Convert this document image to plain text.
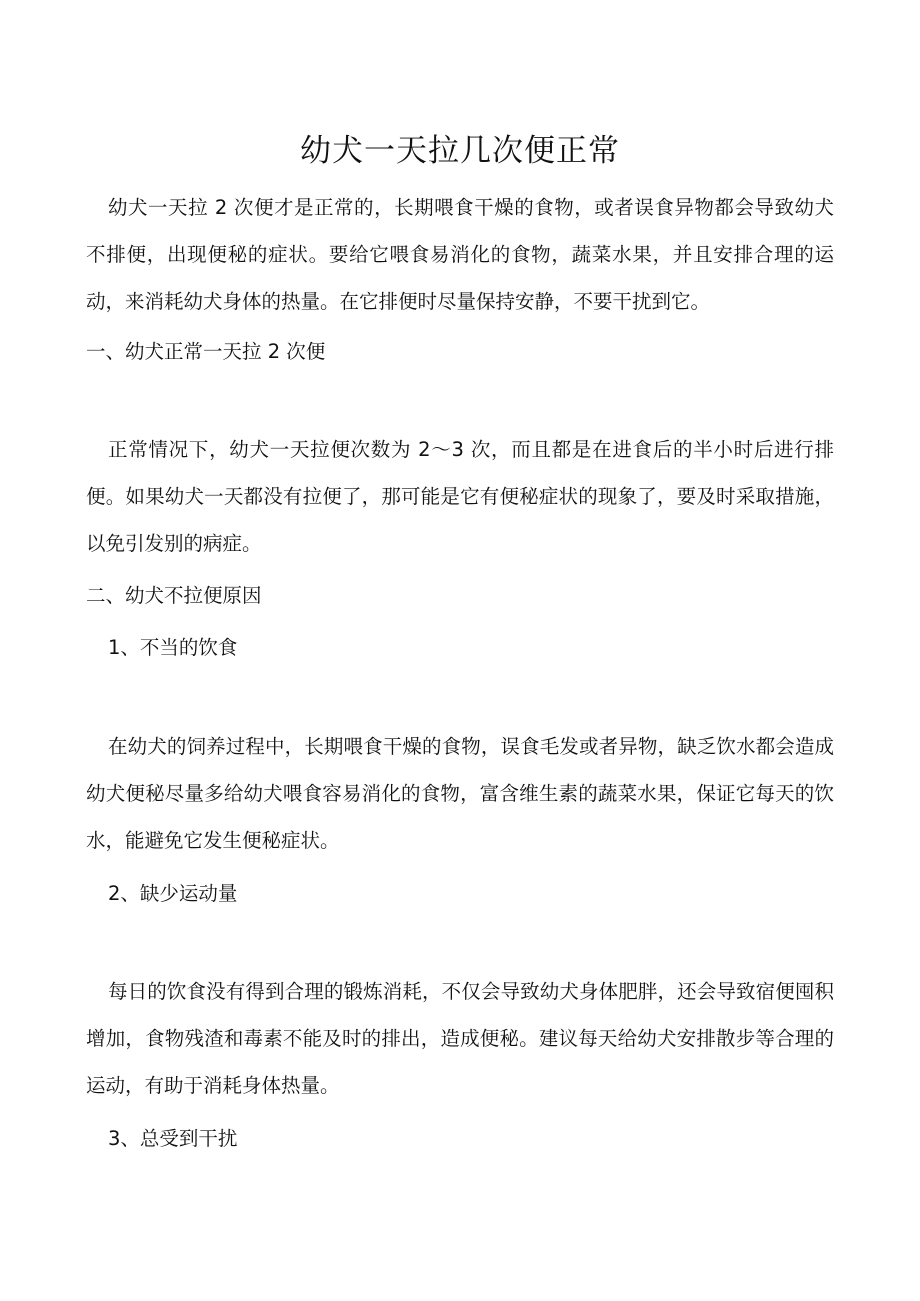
幼犬一天拉几次便正常

幼犬一天拉 2 次便才是正常的，长期喂食干燥的食物，或者误食异物都会导致幼犬不排便，出现便秘的症状。要给它喂食易消化的食物，蔬菜水果，并且安排合理的运动，来消耗幼犬身体的热量。在它排便时尽量保持安静，不要干扰到它。

一、幼犬正常一天拉 2 次便

正常情况下，幼犬一天拉便次数为 2～3 次，而且都是在进食后的半小时后进行排便。如果幼犬一天都没有拉便了，那可能是它有便秘症状的现象了，要及时采取措施，以免引发别的病症。

二、幼犬不拉便原因

1、不当的饮食

在幼犬的饲养过程中，长期喂食干燥的食物，误食毛发或者异物，缺乏饮水都会造成幼犬便秘尽量多给幼犬喂食容易消化的食物，富含维生素的蔬菜水果，保证它每天的饮水，能避免它发生便秘症状。

2、缺少运动量

每日的饮食没有得到合理的锻炼消耗，不仅会导致幼犬身体肥胖，还会导致宿便囤积增加，食物残渣和毒素不能及时的排出，造成便秘。建议每天给幼犬安排散步等合理的运动，有助于消耗身体热量。

3、总受到干扰
